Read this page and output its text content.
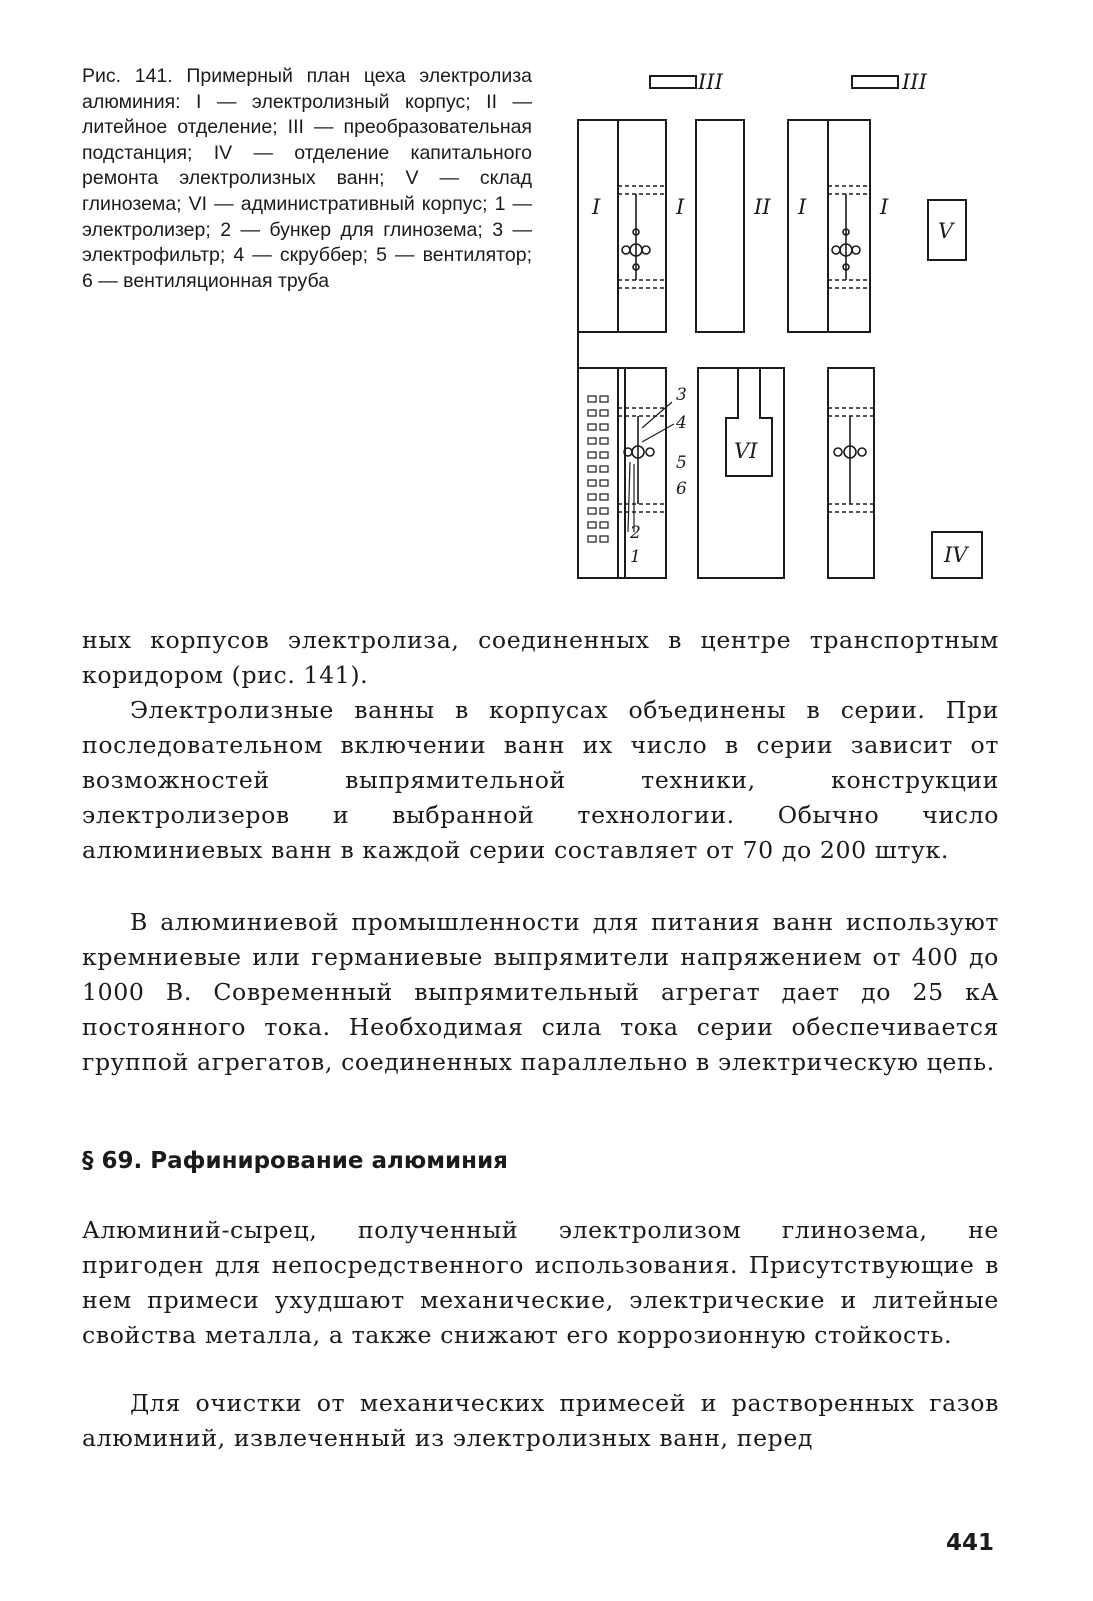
Рис. 141. Примерный план цеха электролиза алюминия: I — электролизный корпус; II — литейное отделение; III — преобразовательная подстанция; IV — отделение капитального ремонта электролизных ванн; V — склад глинозема; VI — административный корпус; 1 — электролизер; 2 — бункер для глинозема; 3 — электрофильтр; 4 — скруббер; 5 — вентилятор; 6 — вентиляционная труба
III	III
I	I	II I	I
V
VI
IV
3
4
5
6
2
1

ных корпусов электролиза, соединенных в центре транспортным коридором (рис. 141).

Электролизные ванны в корпусах объединены в серии. При последовательном включении ванн их число в серии зависит от возможностей выпрямительной техники, конструкции электролизеров и выбранной технологии. Обычно число алюминиевых ванн в каждой серии составляет от 70 до 200 штук.

В алюминиевой промышленности для питания ванн используют кремниевые или германиевые выпрямители напряжением от 400 до 1000 В. Современный выпрямительный агрегат дает до 25 кА постоянного тока. Необходимая сила тока серии обеспечивается группой агрегатов, соединенных параллельно в электрическую цепь.

§ 69. Рафинирование алюминия

Алюминий-сырец, полученный электролизом глинозема, не пригоден для непосредственного использования. Присутствующие в нем примеси ухудшают механические, электрические и литейные свойства металла, а также снижают его коррозионную стойкость.

Для очистки от механических примесей и растворенных газов алюминий, извлеченный из электролизных ванн, перед

441
